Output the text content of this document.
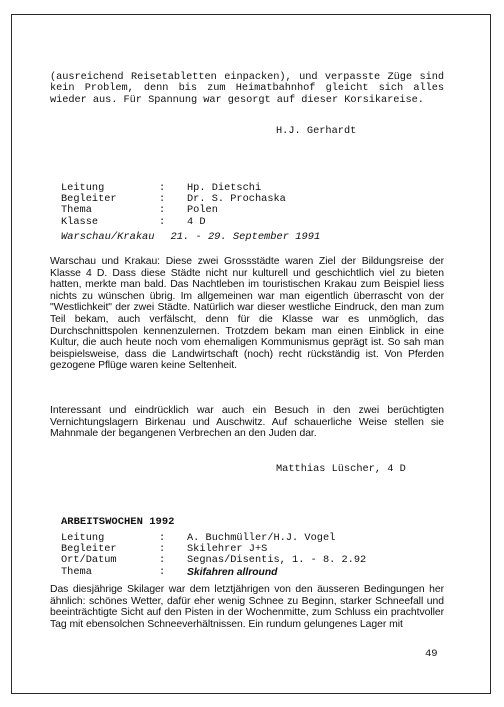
(ausreichend Reisetabletten einpacken), und verpasste Züge sind kein Problem, denn bis zum Heimatbahnhof gleicht sich alles wieder aus. Für Spannung war gesorgt auf dieser Korsikareise.

H.J. Gerhardt
Leitung	:	Hp. Dietschi
Begleiter	:	Dr. S. Prochaska
Thema	:	Polen
Klasse	:	4 D
Warschau/Krakau 21. - 29. September 1991

Warschau und Krakau: Diese zwei Grossstädte waren Ziel der Bildungsreise der Klasse 4 D. Dass diese Städte nicht nur kulturell und geschichtlich viel zu bieten hatten, merkte man bald. Das Nachtleben im touristischen Krakau zum Beispiel liess nichts zu wünschen übrig. Im allgemeinen war man eigentlich überrascht von der "Westlichkeit" der zwei Städte. Natürlich war dieser westliche Eindruck, den man zum Teil bekam, auch verfälscht, denn für die Klasse war es unmöglich, das Durchschnittspolen kennenzulernen. Trotzdem bekam man einen Einblick in eine Kultur, die auch heute noch vom ehemaligen Kommunismus geprägt ist. So sah man beispielsweise, dass die Landwirtschaft (noch) recht rückständig ist. Von Pferden gezogene Pflüge waren keine Seltenheit.

Interessant und eindrücklich war auch ein Besuch in den zwei berüchtigten Vernichtungslagern Birkenau und Auschwitz. Auf schauerliche Weise stellen sie Mahnmale der begangenen Verbrechen an den Juden dar.

Matthias Lüscher, 4 D
ARBEITSWOCHEN 1992
Leitung	:	A. Buchmüller/H.J. Vogel
Begleiter	:	Skilehrer J+S
Ort/Datum	:	Segnas/Disentis, 1. - 8. 2.92
Thema	:	Skifahren allround

Das diesjährige Skilager war dem letztjährigen von den äusseren Bedingungen her ähnlich: schönes Wetter, dafür eher wenig Schnee zu Beginn, starker Schneefall und beeinträchtigte Sicht auf den Pisten in der Wochenmitte, zum Schluss ein prachtvoller Tag mit ebensolchen Schneeverhältnissen. Ein rundum gelungenes Lager mit

49
